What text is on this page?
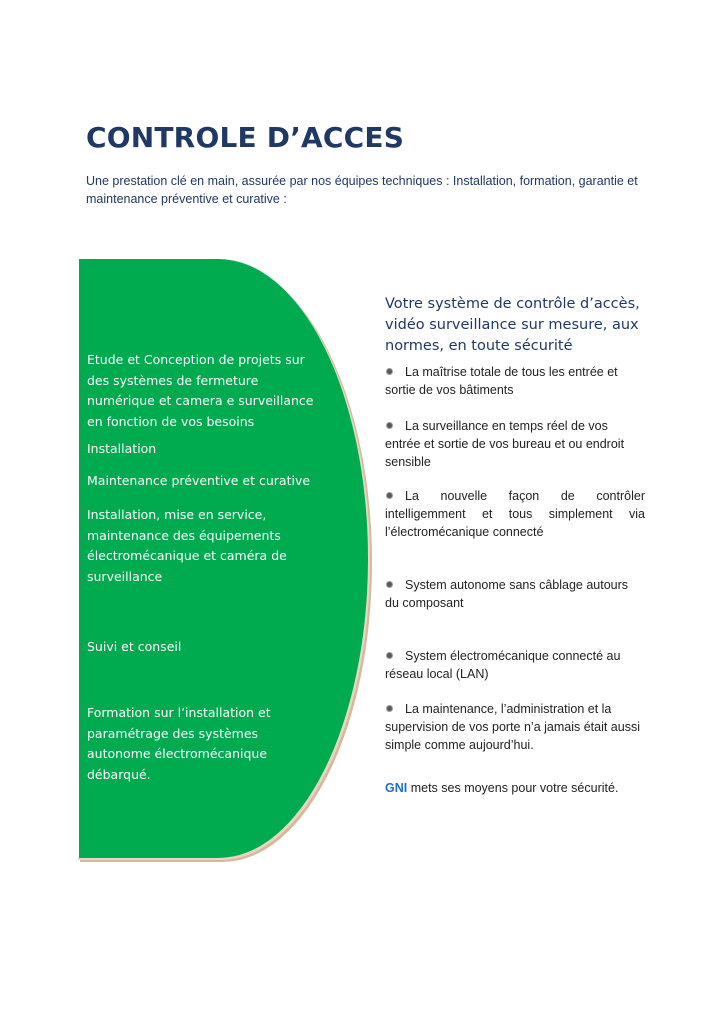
CONTROLE D’ACCES

Une prestation clé en main, assurée par nos équipes techniques : Installation, formation, garantie et maintenance préventive et curative :

Etude et Conception de projets sur des systèmes de fermeture numérique et camera e surveillance en fonction de vos besoins

Installation

Maintenance préventive et curative

Installation, mise en service, maintenance des équipements électromécanique et caméra de surveillance

Suivi et conseil

Formation sur l’installation et paramétrage des systèmes autonome électromécanique débarqué.

Votre système de contrôle d’accès, vidéo surveillance sur mesure, aux normes, en toute sécurité

La maîtrise totale de tous les entrée et sortie de vos bâtiments
La surveillance en temps réel de vos entrée et sortie de vos bureau et ou endroit sensible
La nouvelle façon de contrôler intelligemment et tous simplement via l’électromécanique connecté
System autonome sans câblage autours du composant
System électromécanique connecté au réseau local (LAN)
La maintenance, l’administration et la supervision de vos porte n’a jamais était aussi simple comme aujourd’hui.
GNI mets ses moyens pour votre sécurité.
